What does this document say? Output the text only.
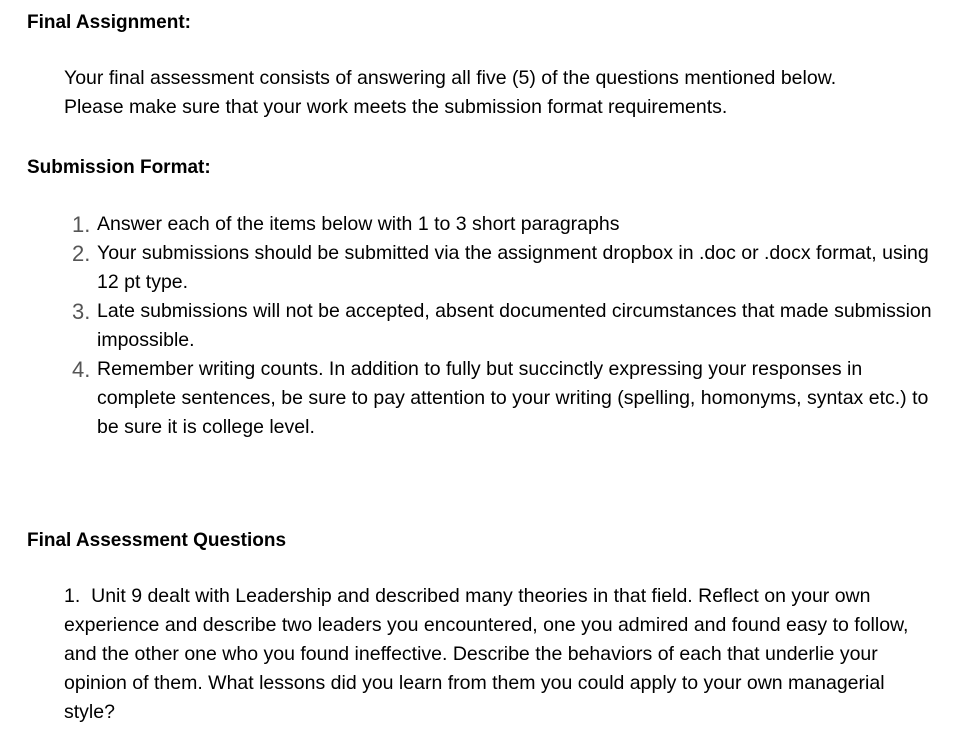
Final Assignment:

Your final assessment consists of answering all five (5) of the questions mentioned below.
Please make sure that your work meets the submission format requirements.

Submission Format:
1. Answer each of the items below with 1 to 3 short paragraphs
2. Your submissions should be submitted via the assignment dropbox in .doc or .docx format, using 12 pt type.
3. Late submissions will not be accepted, absent documented circumstances that made submission impossible.
4. Remember writing counts. In addition to fully but succinctly expressing your responses in complete sentences, be sure to pay attention to your writing (spelling, homonyms, syntax etc.) to be sure it is college level.
Final Assessment Questions

1. Unit 9 dealt with Leadership and described many theories in that field. Reflect on your own experience and describe two leaders you encountered, one you admired and found easy to follow, and the other one who you found ineffective. Describe the behaviors of each that underlie your opinion of them. What lessons did you learn from them you could apply to your own managerial style?
